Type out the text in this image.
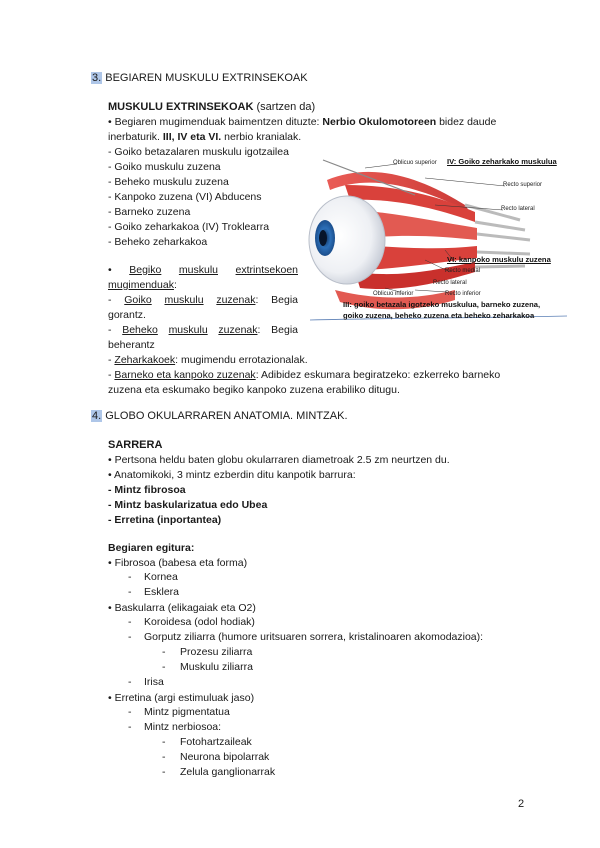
3. BEGIAREN MUSKULU EXTRINSEKOAK
MUSKULU EXTRINSEKOAK (sartzen da)
• Begiaren mugimenduak baimentzen dituzte: Nerbio Okulomotoreen bidez daude
inerbaturik. III, IV eta VI. nerbio kranialak.
- Goiko betazalaren muskulu igotzailea
- Goiko muskulu zuzena
- Beheko muskulu zuzena
- Kanpoko zuzena (VI) Abducens
- Barneko zuzena
- Goiko zeharkakoa (IV) Troklearra
- Beheko zeharkakoa
• Begiko muskulu extrintsekoen
mugimenduak:
- Goiko muskulu zuzenak: Begia
gorantz.
- Beheko muskulu zuzenak: Begia
beherantz
- Zeharkakoek: mugimendu errotazionalak.
- Barneko eta kanpoko zuzenak: Adibidez eskumara begiratzeko: ezkerreko barneko
zuzena eta eskumako begiko kanpoko zuzena erabiliko ditugu.
Oblicuo superior IV: Goiko zeharkako muskulua
Recto superior
Recto lateral
VI: kanpoko muskulu zuzena
Recto medial
Recto lateral
Oblicuo inferior	Recto inferior
III: goiko betazala igotzeko muskulua, barneko zuzena,
goiko zuzena, beheko zuzena eta beheko zeharkakoa
4. GLOBO OKULARRAREN ANATOMIA. MINTZAK.
SARRERA
• Pertsona heldu baten globu okularraren diametroak 2.5 zm neurtzen du.
• Anatomikoki, 3 mintz ezberdin ditu kanpotik barrura:
- Mintz fibrosoa
- Mintz baskularizatua edo Ubea
- Erretina (inportantea)
Begiaren egitura:
• Fibrosoa (babesa eta forma)
- Kornea
- Esklera
• Baskularra (elikagaiak eta O2)
- Koroidesa (odol hodiak)
- Gorputz ziliarra (humore uritsuaren sorrera, kristalinoaren akomodazioa):
- Prozesu ziliarra
- Muskulu ziliarra
- Irisa
• Erretina (argi estimuluak jaso)
- Mintz pigmentatua
- Mintz nerbiosoa:
- Fotohartzaileak
- Neurona bipolarrak
- Zelula ganglionarrak
2
